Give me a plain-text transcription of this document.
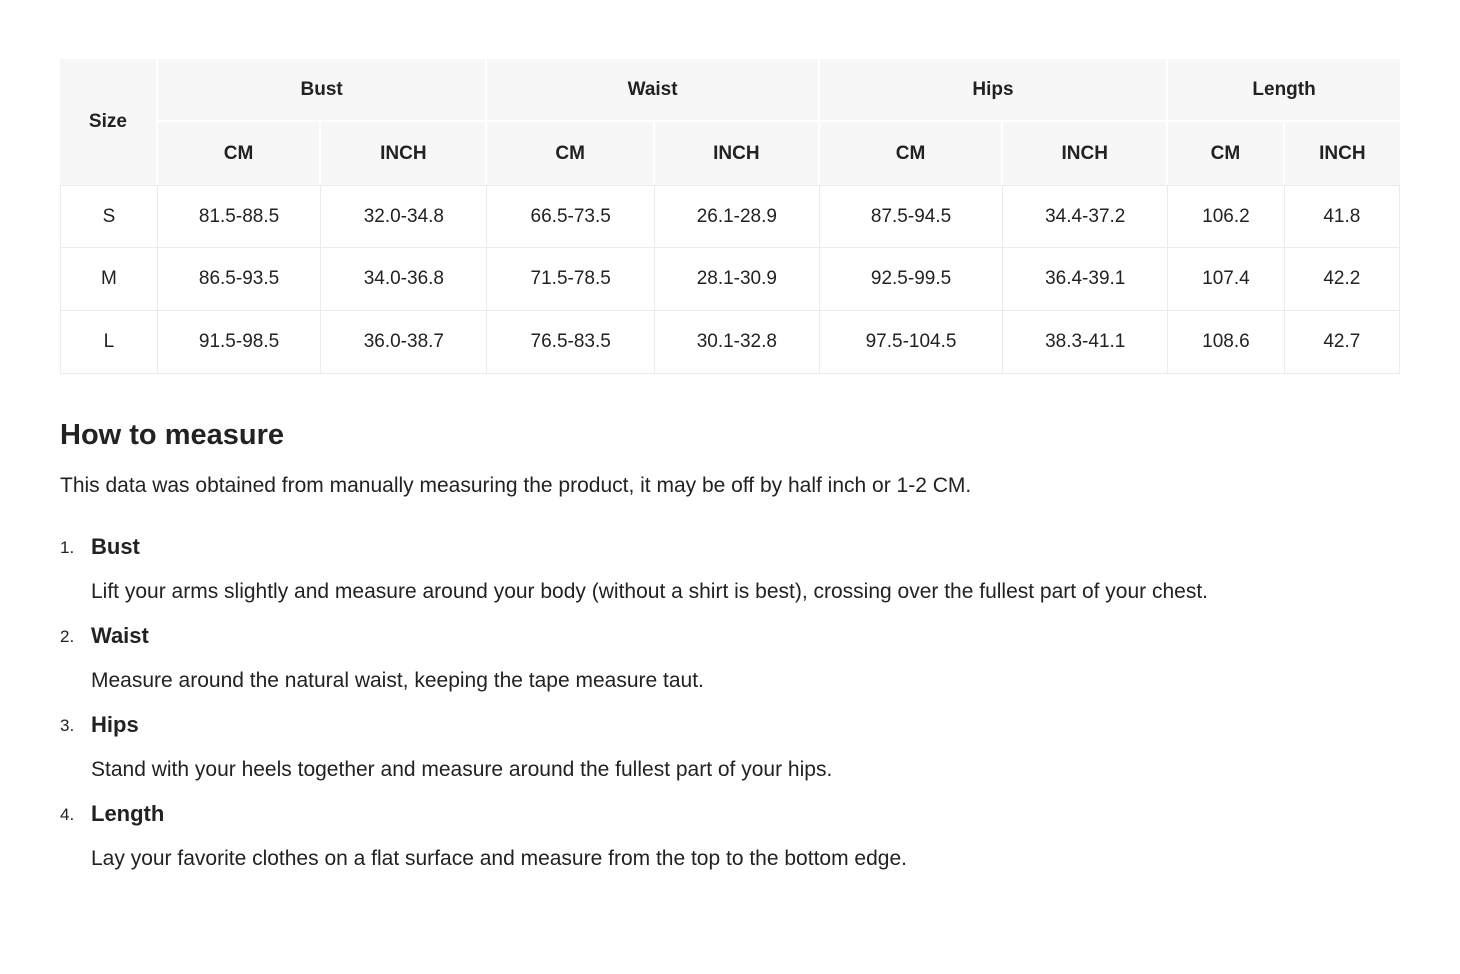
Size	Bust		Waist		Hips		Length	
	CM	INCH	CM	INCH	CM	INCH	CM	INCH
S	81.5-88.5	32.0-34.8	66.5-73.5	26.1-28.9	87.5-94.5	34.4-37.2	106.2	41.8
M	86.5-93.5	34.0-36.8	71.5-78.5	28.1-30.9	92.5-99.5	36.4-39.1	107.4	42.2
L	91.5-98.5	36.0-38.7	76.5-83.5	30.1-32.8	97.5-104.5	38.3-41.1	108.6	42.7
How to measure

This data was obtained from manually measuring the product, it may be off by half inch or 1-2 CM.

1. Bust
Lift your arms slightly and measure around your body (without a shirt is best), crossing over the fullest part of your chest.
2. Waist
Measure around the natural waist, keeping the tape measure taut.
3. Hips
Stand with your heels together and measure around the fullest part of your hips.
4. Length
Lay your favorite clothes on a flat surface and measure from the top to the bottom edge.
